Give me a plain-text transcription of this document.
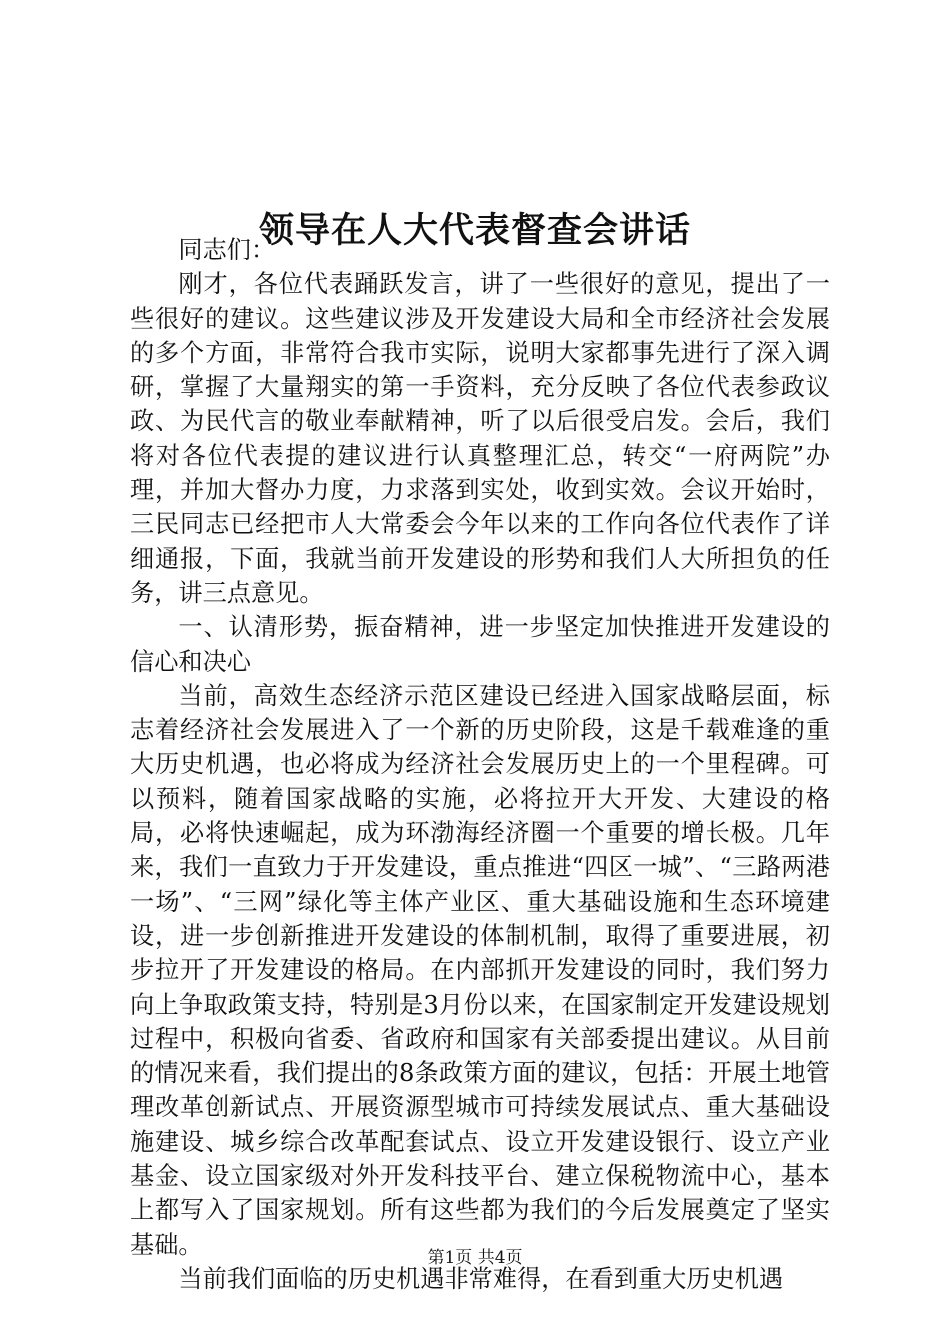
领导在人大代表督查会讲话

同志们：

刚才，各位代表踊跃发言，讲了一些很好的意见，提出了一些很好的建议。这些建议涉及开发建设大局和全市经济社会发展的多个方面，非常符合我市实际，说明大家都事先进行了深入调研，掌握了大量翔实的第一手资料，充分反映了各位代表参政议政、为民代言的敬业奉献精神，听了以后很受启发。会后，我们将对各位代表提的建议进行认真整理汇总，转交“一府两院”办理，并加大督办力度，力求落到实处，收到实效。会议开始时，三民同志已经把市人大常委会今年以来的工作向各位代表作了详细通报，下面，我就当前开发建设的形势和我们人大所担负的任务，讲三点意见。

一、认清形势，振奋精神，进一步坚定加快推进开发建设的信心和决心

当前，高效生态经济示范区建设已经进入国家战略层面，标志着经济社会发展进入了一个新的历史阶段，这是千载难逢的重大历史机遇，也必将成为经济社会发展历史上的一个里程碑。可以预料，随着国家战略的实施，必将拉开大开发、大建设的格局，必将快速崛起，成为环渤海经济圈一个重要的增长极。几年来，我们一直致力于开发建设，重点推进“四区一城”、“三路两港一场”、“三网”绿化等主体产业区、重大基础设施和生态环境建设，进一步创新推进开发建设的体制机制，取得了重要进展，初步拉开了开发建设的格局。在内部抓开发建设的同时，我们努力向上争取政策支持，特别是3月份以来，在国家制定开发建设规划过程中，积极向省委、省政府和国家有关部委提出建议。从目前的情况来看，我们提出的8条政策方面的建议，包括：开展土地管理改革创新试点、开展资源型城市可持续发展试点、重大基础设施建设、城乡综合改革配套试点、设立开发建设银行、设立产业基金、设立国家级对外开发科技平台、建立保税物流中心，基本上都写入了国家规划。所有这些都为我们的今后发展奠定了坚实基础。

当前我们面临的历史机遇非常难得，在看到重大历史机遇

第1页 共4页
